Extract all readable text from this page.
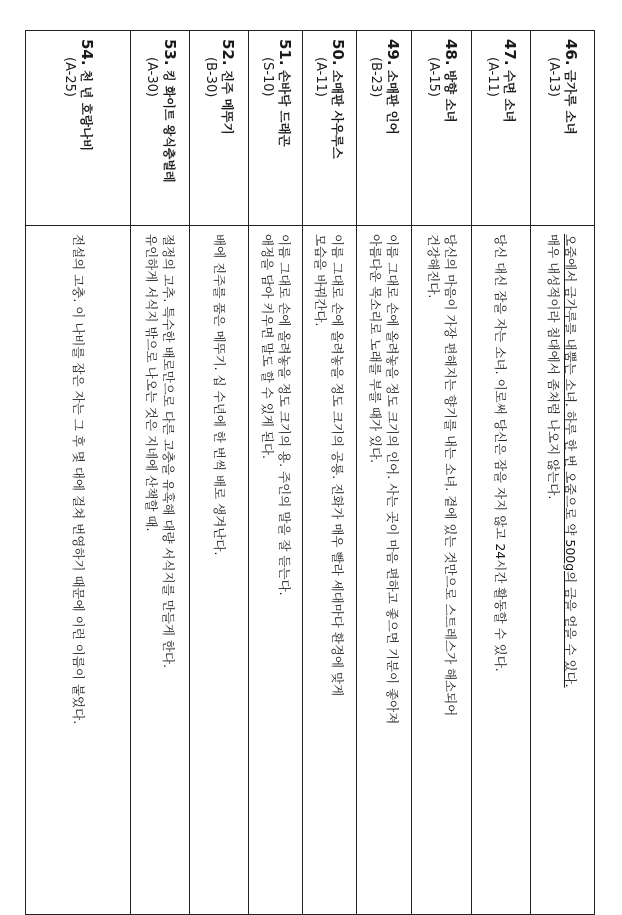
46. 금가루 소녀
(A-13)	오줌에서 금가루를 내뿜는 소녀. 하루 한 번 오줌으로 약 500g의 금을 얻을 수 있다.
매우 내성적이라 침대에서 좀처럼 나오지 않는다.

47. 수면 소녀
(A-11)	당신 대신 잠을 자는 소녀. 이로써 당신은 잠을 자지 않고 24시간 활동할 수 있다.

48. 방향 소녀
(A-15)	당신의 마음이 가장 편해지는 향기를 내는 소녀. 곁에 있는 것만으로 스트레스가 해소되어
건강해진다.

49. 소매판 인어
(B-23)	이름 그대로 손에 올려놓을 정도 크기의 인어. 사는 곳이 마음 편하고 좋으면 기분이 좋아져
아름다운 목소리로 노래를 부를 때가 있다.

50. 소매판 사우루스
(A-11)	이름 그대로 손에 올려놓을 정도 크기의 공룡. 진화가 매우 빨라 세대마다 환경에 맞게
모습을 바꿔간다.

51. 손바닥 드래곤
(S-10)	이름 그대로 손에 올려놓을 정도 크기의 용. 주인의 말을 잘 듣는다.
애정을 담아 키우면 말도 할 수 있게 된다.

52. 진주 메뚜기
(B-30)	배에 진주를 품은 메뚜기. 십 수년에 한 번씩 배로 생겨난다.

53. 킹 화이트 왕식충벌레
(A-30)	절정의 고추. 특수한 배로만으로 다른 고충을 유혹해 대량 서식지를 만들게 한다.
유인하게 서식지 밖으로 나오는 것은 지네에 산책할 때.

54. 천 년 호랑나비
(A-25)	전설의 고충. 이 나비를 잡은 자는 그 후 몇 대에 걸쳐 번영하기 때문에 이런 이름이 붙었다.
